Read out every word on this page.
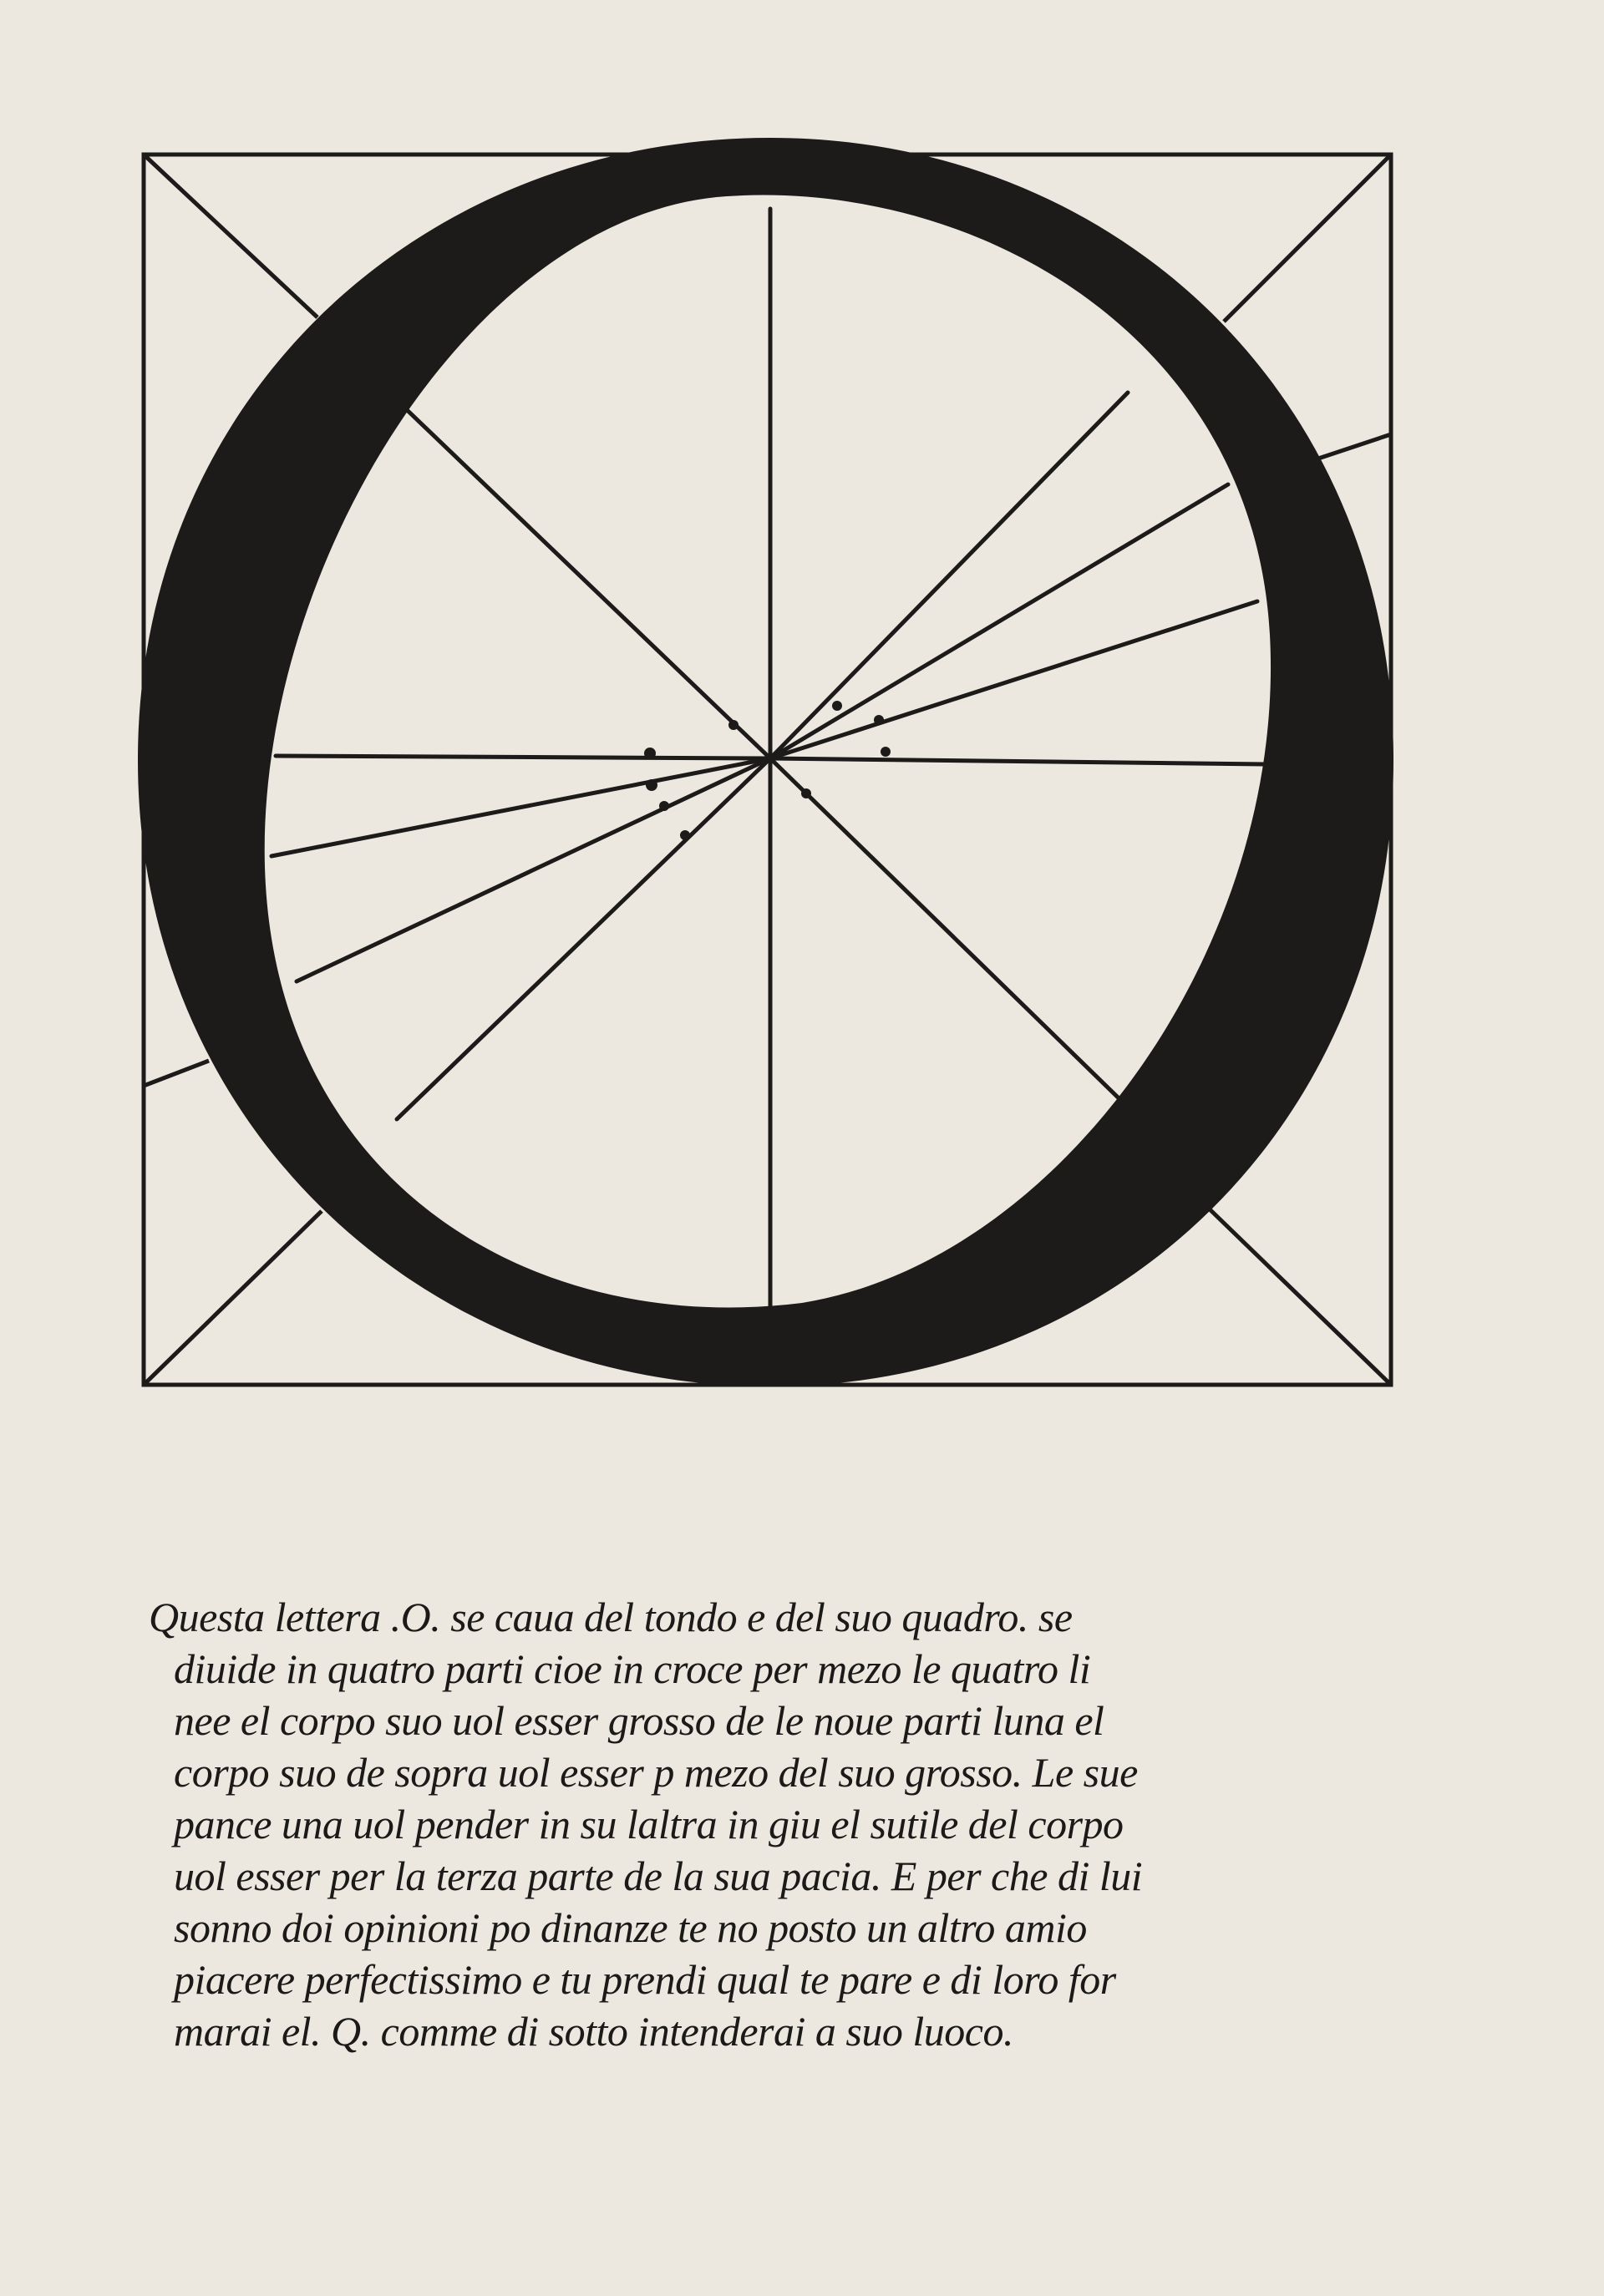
Questa lettera .O. se caua del tondo e del suo quadro. se
diuide in quatro parti cioe in croce per mezo le quatro li
nee el corpo suo uol esser grosso de le noue parti luna el
corpo suo de sopra uol esser p mezo del suo grosso. Le sue
pance una uol pender in su laltra in giu el sutile del corpo
uol esser per la terza parte de la sua pacia. E per che di lui
sonno doi opinioni po dinanze te no posto un altro amio
piacere perfectissimo e tu prendi qual te pare e di loro for
marai el. Q. comme di sotto intenderai a suo luoco.
